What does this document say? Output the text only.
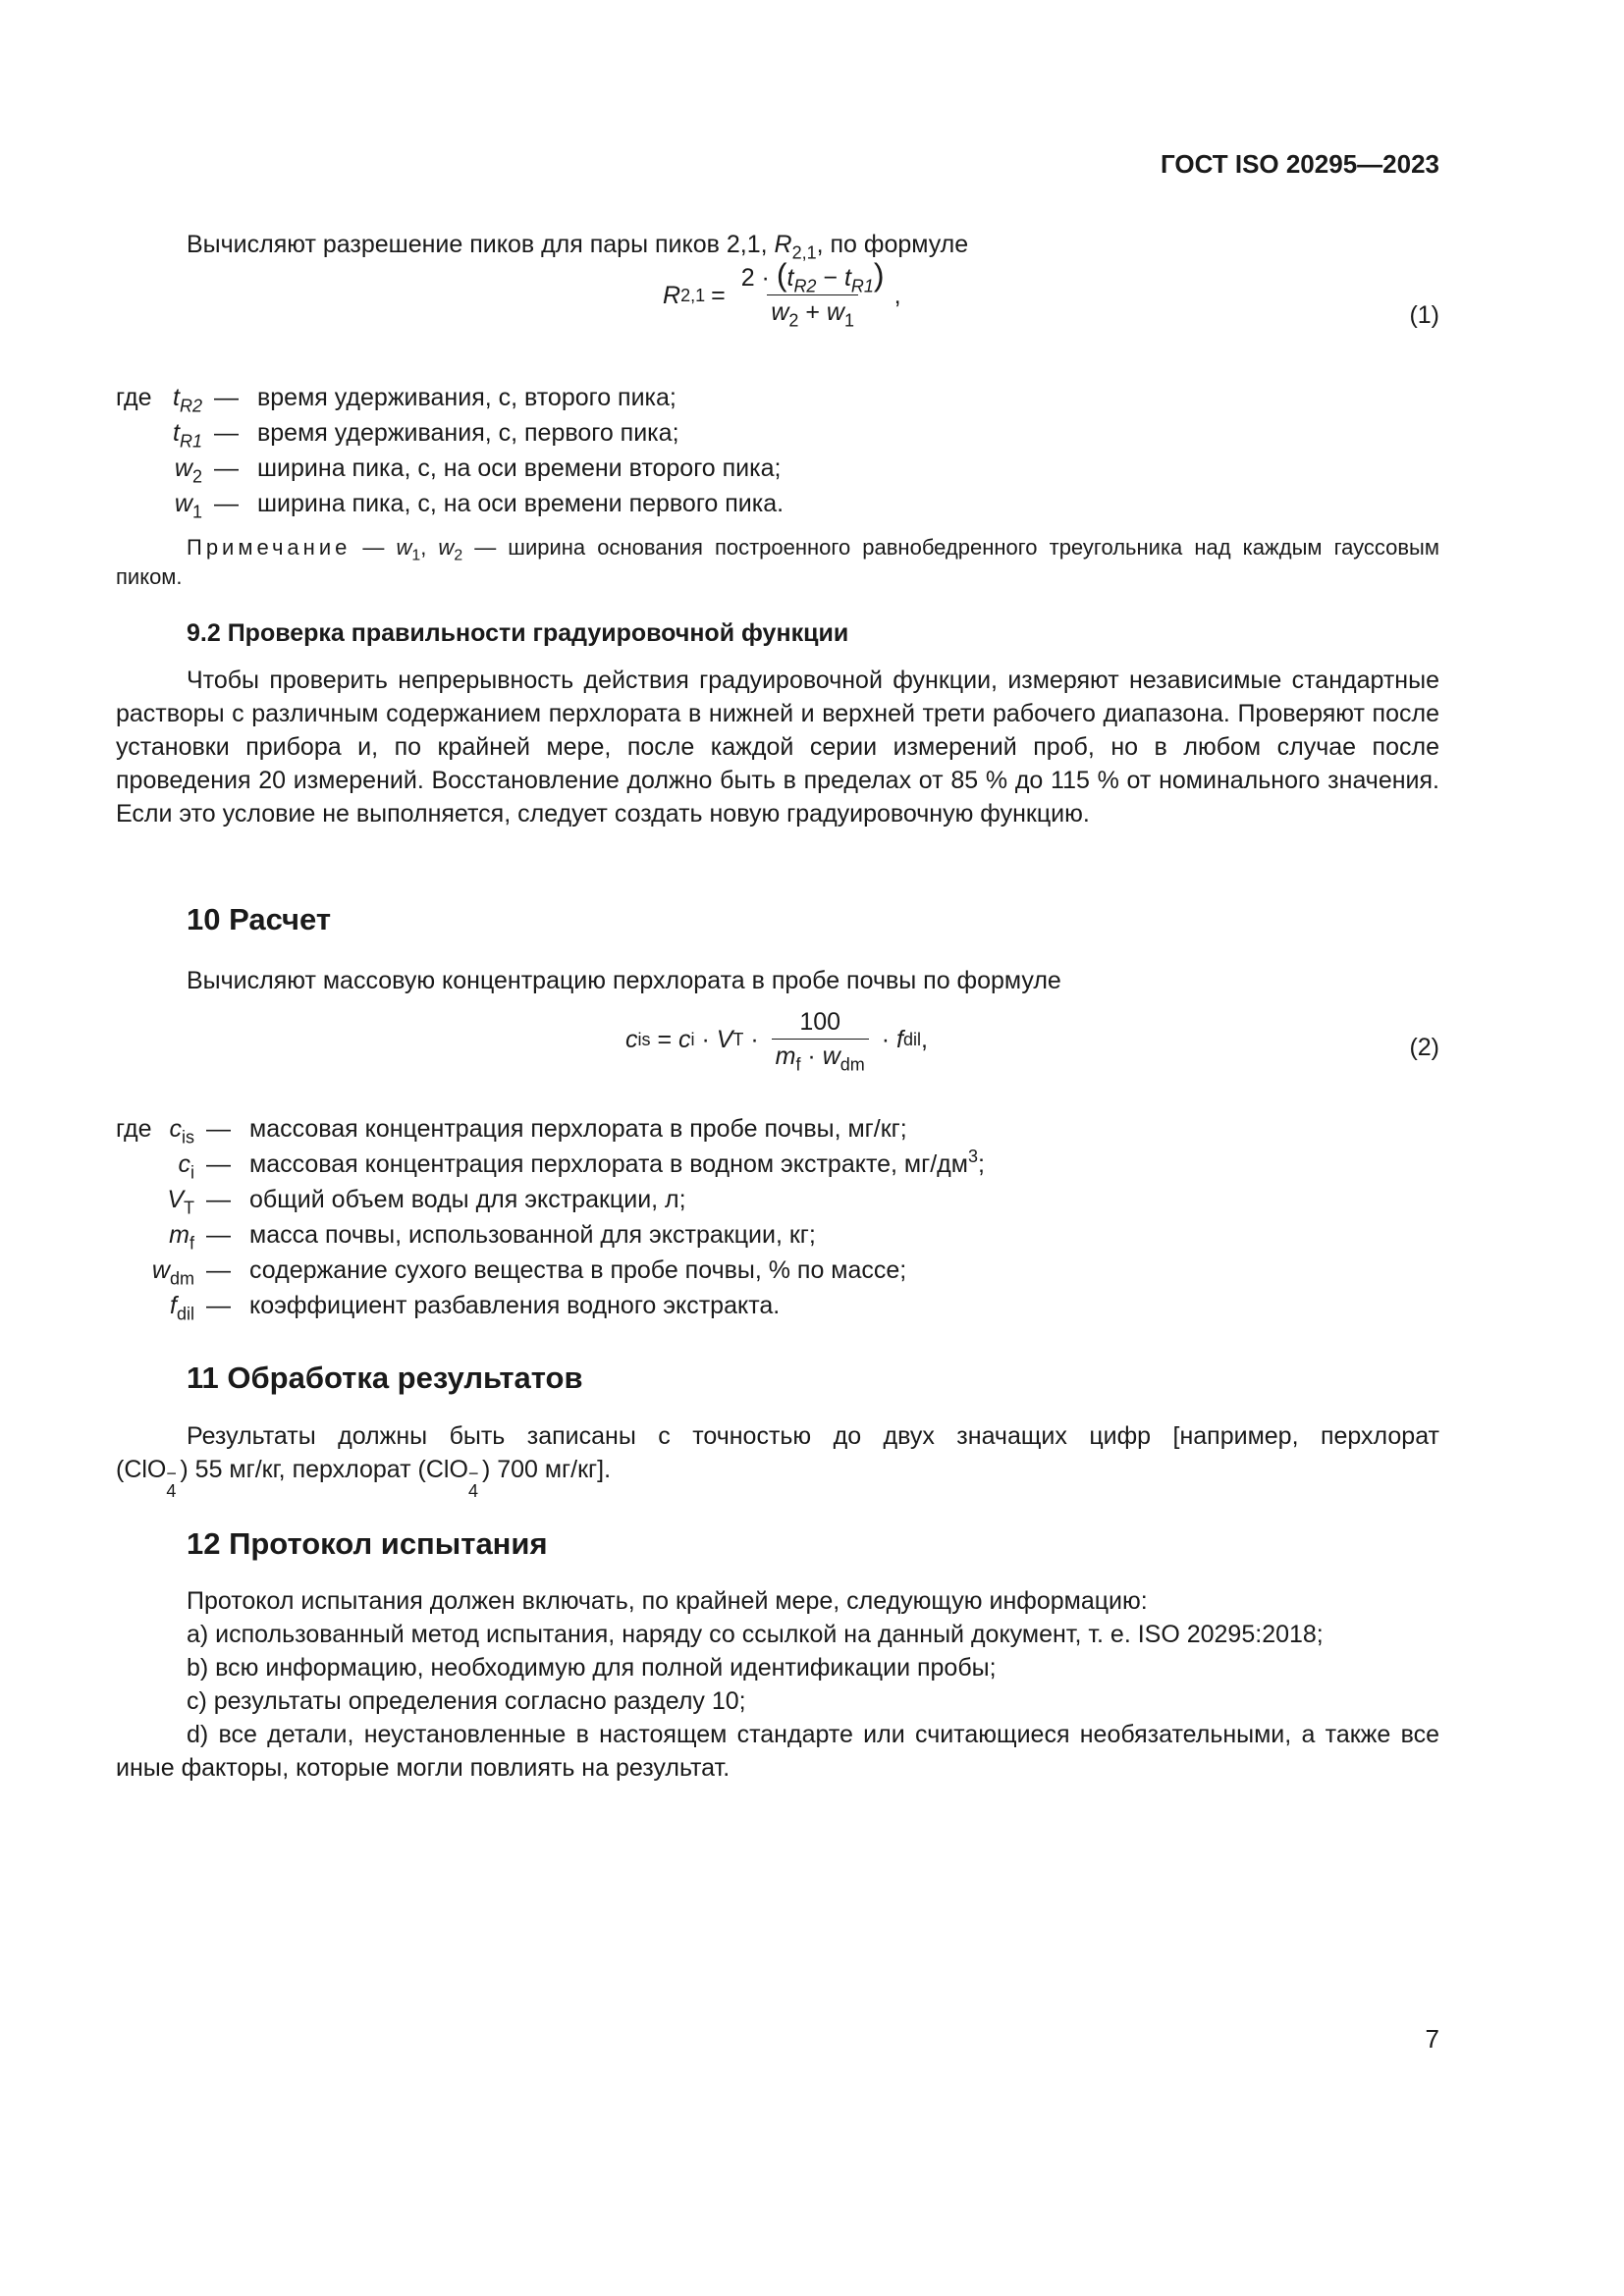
ГОСТ ISO 20295—2023
Вычисляют разрешение пиков для пары пиков 2,1, $R_{2,1}$, по формуле
R $2,1 = \frac{2 \cdot (t_{R2} - t_{R1})}{w_2 + w_1}$ ,
(1)
где $t_{R2}$ — время удерживания, с, второго пика;
$t_{R1}$ — время удерживания, с, первого пика;
$w_2$ — ширина пика, с, на оси времени второго пика;
$w_1$ — ширина пика, с, на оси времени первого пика.
Примечание — $w_1$, $w_2$ — ширина основания построенного равнобедренного треугольника над каждым гауссовым пиком.
9.2 Проверка правильности градуировочной функции
Чтобы проверить непрерывность действия градуировочной функции, измеряют независимые стандартные растворы с различным содержанием перхлората в нижней и верхней трети рабочего диапазона. Проверяют после установки прибора и, по крайней мере, после каждой серии измерений проб, но в любом случае после проведения 20 измерений. Восстановление должно быть в пределах от 85 % до 115 % от номинального значения. Если это условие не выполняется, следует создать новую градуировочную функцию.
10 Расчет
Вычисляют массовую концентрацию перхлората в пробе почвы по формуле
c is = c i · V $T \cdot \frac{100}{m_f \cdot w_{dm}} \cdot f$ dil ,	(2)
где $c_{is}$ — массовая концентрация перхлората в пробе почвы, мг/кг;
$c_i$ — массовая концентрация перхлората в водном экстракте, $мг/дм^3$;
$V_T$ — общий объем воды для экстракции, л;
$m_f$ — масса почвы, использованной для экстракции, кг;
$w_{dm}$ — содержание сухого вещества в пробе почвы, % по массе;
$f_{dil}$ — коэффициент разбавления водного экстракта.
11 Обработка результатов
Результаты должны быть записаны с точностью до двух значащих цифр [например, перхлорат
(ClO −
4
) 55 мг/кг, перхлорат (ClO −
4
) 700 мг/кг].
12 Протокол испытания
Протокол испытания должен включать, по крайней мере, следующую информацию:
a) использованный метод испытания, наряду со ссылкой на данный документ, т. е. ISO 20295:2018;
b) всю информацию, необходимую для полной идентификации пробы;
c) результаты определения согласно разделу 10;
d) все детали, неустановленные в настоящем стандарте или считающиеся необязательными, а также все иные факторы, которые могли повлиять на результат.
7
